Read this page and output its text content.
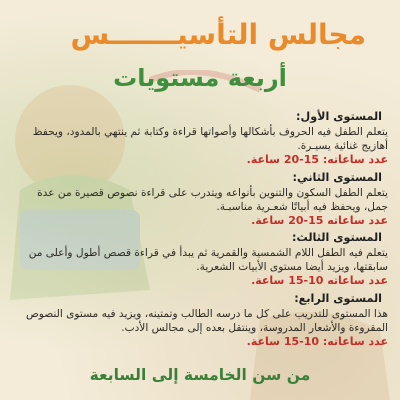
مجالس التأسيـــــــس
أربعة مستويات
المستوى الأول:
يتعلم الطفل فيه الحروف بأشكالها وأصواتها قراءة وكتابة ثم ينتهي بالمدود، ويحفظ أهازيج غنائية يسيـرة.
عدد ساعاته: 15-20 ساعة.
المستوى الثاني:
يتعلم الطفل السكون والتنوين بأنواعه ويتدرب على قراءة نصوص قصيرة من عدة جمل، ويحفظ فيه أبياتًا شعـرية مناسبـة.
عدد ساعاته 15-20 ساعة.
المستوى الثالث:
يتعلم فيه الطفل اللام الشمسية والقمرية ثم يبدأ في قراءة قصص أطول وأعلى من سابقتها، ويزيد أيضا مستوى الأبيات الشعرية.
عدد ساعاته 10-15 ساعة.
المستوى الرابع:
هذا المستوى للتدريب على كل ما درسه الطالب وتمتينه، ويزيد فيه مستوى النصوص المقروءة والأشعار المدروسة، وينتقل بعده إلى مجالس الأدب.
عدد ساعاته: 10-15 ساعة.
من سن الخامسة إلى السابعة
